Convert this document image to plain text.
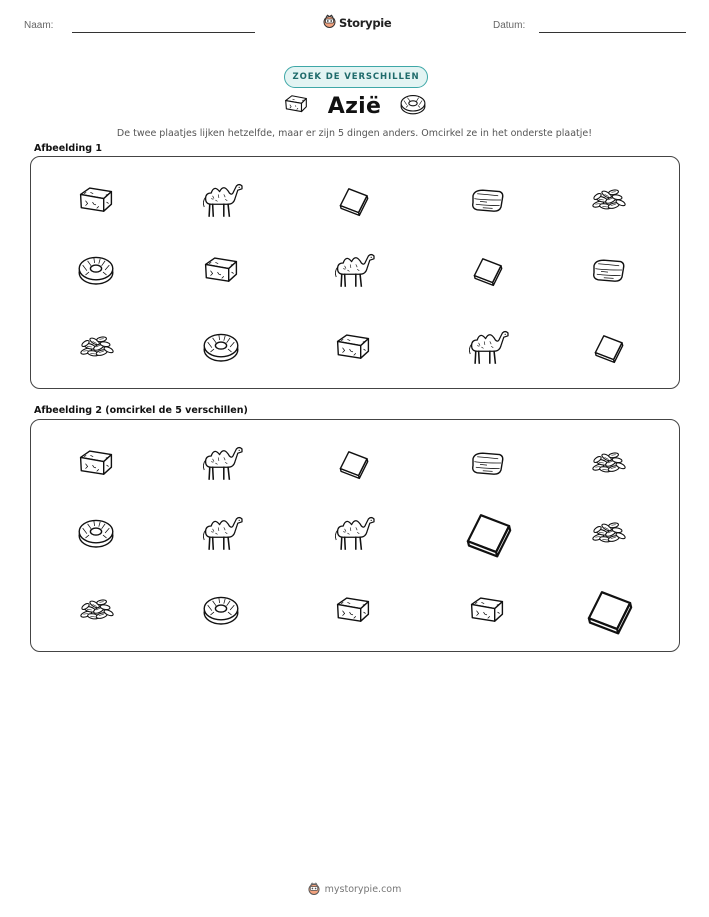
Naam:	Storypie	Datum:
ZOEK DE VERSCHILLEN
Azië
De twee plaatjes lijken hetzelfde, maar er zijn 5 dingen anders. Omcirkel ze in het onderste plaatje!
Afbeelding 1
Afbeelding 2 (omcirkel de 5 verschillen)
mystorypie.com
